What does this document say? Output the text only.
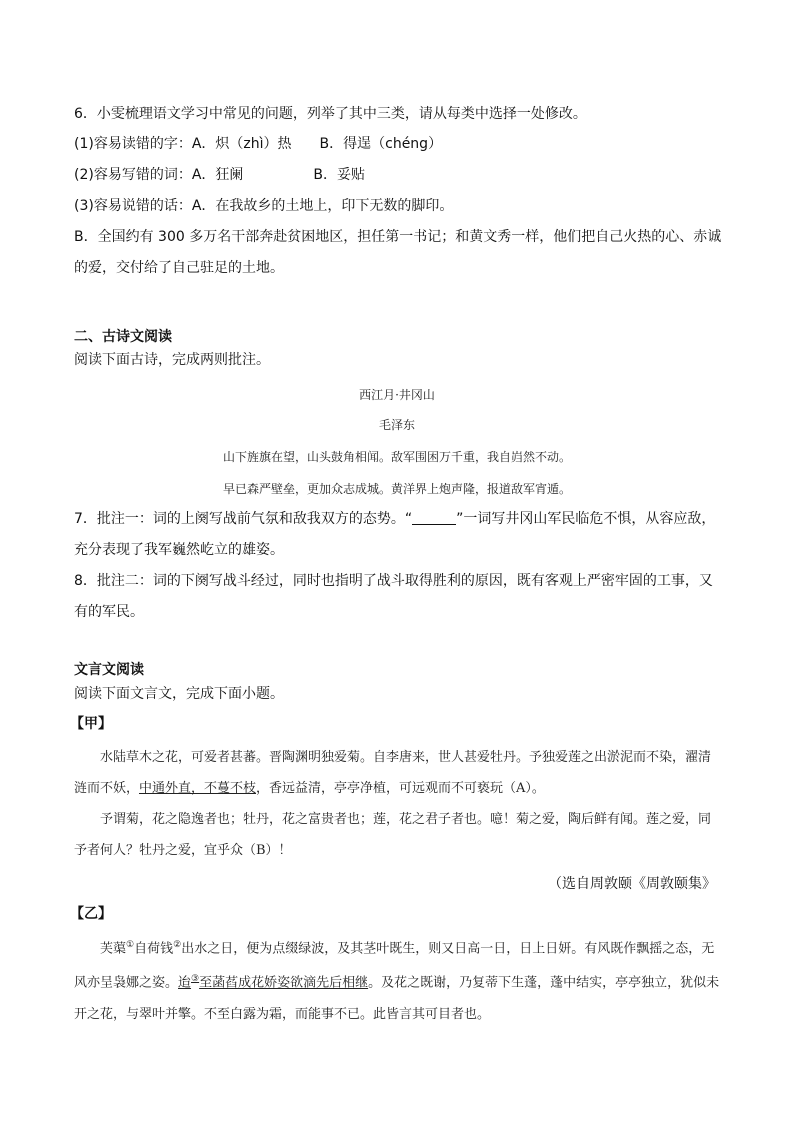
6．小雯梳理语文学习中常见的问题，列举了其中三类，请从每类中选择一处修改。
(1)容易读错的字：A．炽（zhì）热　　B．得逞（chéng）
(2)容易写错的词：A．狂阑　　　　　B．妥贴
(3)容易说错的话：A．在我故乡的土地上，印下无数的脚印。
B．全国约有 300 多万名干部奔赴贫困地区，担任第一书记；和黄文秀一样，他们把自己火热的心、赤诚的爱，交付给了自己驻足的土地。
二、古诗文阅读
阅读下面古诗，完成两则批注。
西江月·井冈山
毛泽东
山下旌旗在望，山头鼓角相闻。敌军围困万千重，我自岿然不动。
早已森严壁垒，更加众志成城。黄洋界上炮声隆，报道敌军宵遁。
7．批注一：词的上阕写战前气氛和敌我双方的态势。“	”一词写井冈山军民临危不惧，从容应敌，充分表现了我军巍然屹立的雄姿。
8．批注二：词的下阕写战斗经过，同时也指明了战斗取得胜利的原因，既有客观上严密牢固的工事，又有的军民。
文言文阅读
阅读下面文言文，完成下面小题。
【甲】
水陆草木之花，可爱者甚蕃。晋陶渊明独爱菊。自李唐来，世人甚爱牡丹。予独爱莲之出淤泥而不染，濯清涟而不妖，中通外直，不蔓不枝，香远益清，亭亭净植，可远观而不可亵玩（A）。
予谓菊，花之隐逸者也；牡丹，花之富贵者也；莲，花之君子者也。噫！菊之爱，陶后鲜有闻。莲之爱，同予者何人？牡丹之爱，宜乎众（B）！
（选自周敦颐《周敦颐集》
【乙】
芙蕖①自荷钱②出水之日，便为点缀绿波，及其茎叶既生，则又日高一日，日上日妍。有风既作飘摇之态，无风亦呈袅娜之姿。迨③至菡萏成花娇姿欲滴先后相继。及花之既谢，乃复蒂下生蓬，蓬中结实，亭亭独立，犹似未开之花，与翠叶并擎。不至白露为霜，而能事不已。此皆言其可目者也。
